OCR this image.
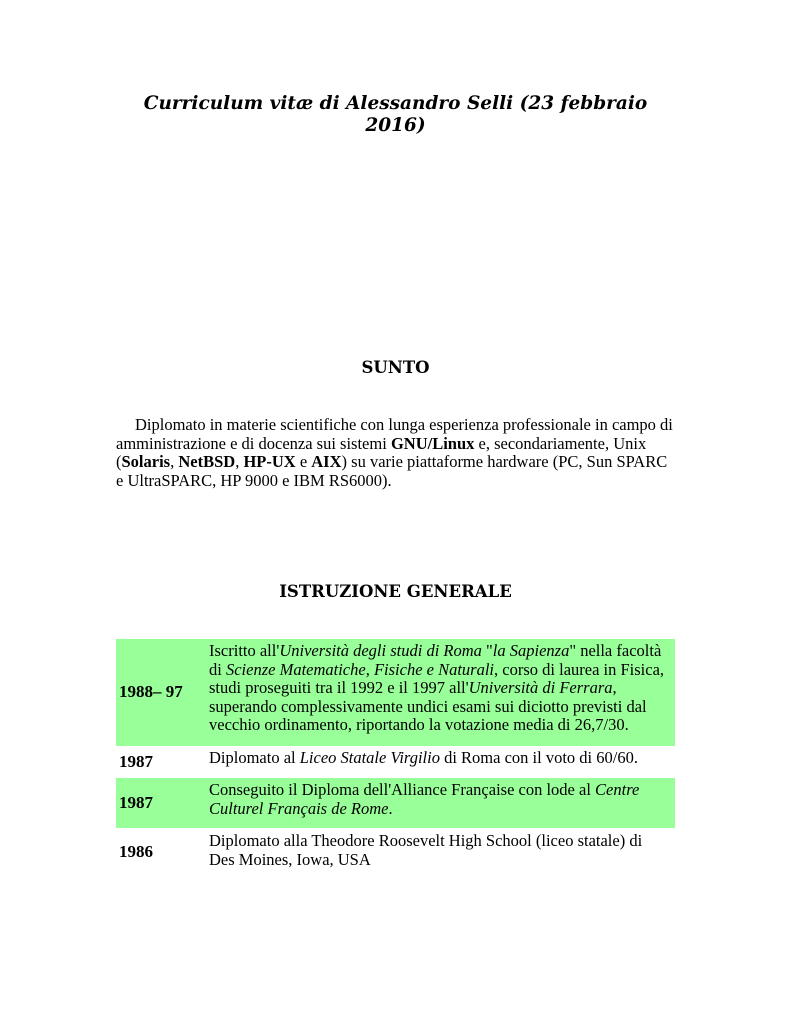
Curriculum vitæ di Alessandro Selli (23 febbraio 2016)
SUNTO
Diplomato in materie scientifiche con lunga esperienza professionale in campo di amministrazione e di docenza sui sistemi GNU/Linux e, secondariamente, Unix (Solaris, NetBSD, HP-UX e AIX) su varie piattaforme hardware (PC, Sun SPARC e UltraSPARC, HP 9000 e IBM RS6000).
ISTRUZIONE GENERALE
1988– 97	Iscritto all'Università degli studi di Roma "la Sapienza" nella facoltà di Scienze Matematiche, Fisiche e Naturali, corso di laurea in Fisica, studi proseguiti tra il 1992 e il 1997 all'Università di Ferrara, superando complessivamente undici esami sui diciotto previsti dal vecchio ordinamento, riportando la votazione media di 26,7/30.
1987	Diplomato al Liceo Statale Virgilio di Roma con il voto di 60/60.
1987	Conseguito il Diploma dell'Alliance Française con lode al Centre Culturel Français de Rome.
1986	Diplomato alla Theodore Roosevelt High School (liceo statale) di Des Moines, Iowa, USA
